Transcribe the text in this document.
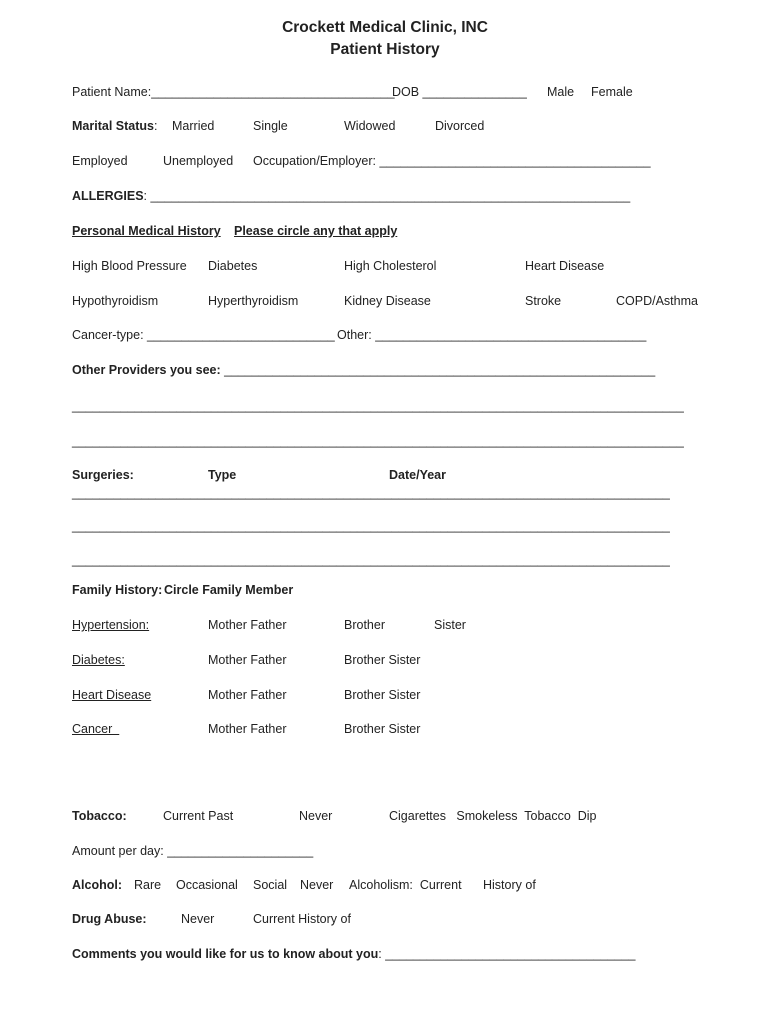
Crockett Medical Clinic, INC
Patient History
Patient Name:___________________________________
DOB _______________ Male Female
Marital Status: Married	Single	Widowed	Divorced
Employed	Unemployed Occupation/Employer: _______________________________________
ALLERGIES: _____________________________________________________________________
Personal Medical History Please circle any that apply
High Blood Pressure Diabetes	High Cholesterol	Heart Disease
Hypothyroidism	Hyperthyroidism	Kidney Disease	Stroke	COPD/Asthma
Cancer-type: ___________________________ Other: _______________________________________
Other Providers you see: ______________________________________________________________
________________________________________________________________________________________
________________________________________________________________________________________
Surgeries:	Type	Date/Year
______________________________________________________________________________________
______________________________________________________________________________________
______________________________________________________________________________________
Family History: Circle Family Member
Hypertension:	Mother Father	Brother	Sister
Diabetes:	Mother Father	Brother Sister
Heart Disease	Mother Father	Brother Sister
Cancer	Mother Father	Brother Sister
Tobacco:	Current Past	Never	Cigarettes   Smokeless  Tobacco  Dip
Amount per day: _____________________
Alcohol: Rare Occasional Social Never Alcoholism:  Current History of
Drug Abuse:	Never	Current History of
Comments you would like for us to know about you: ____________________________________
